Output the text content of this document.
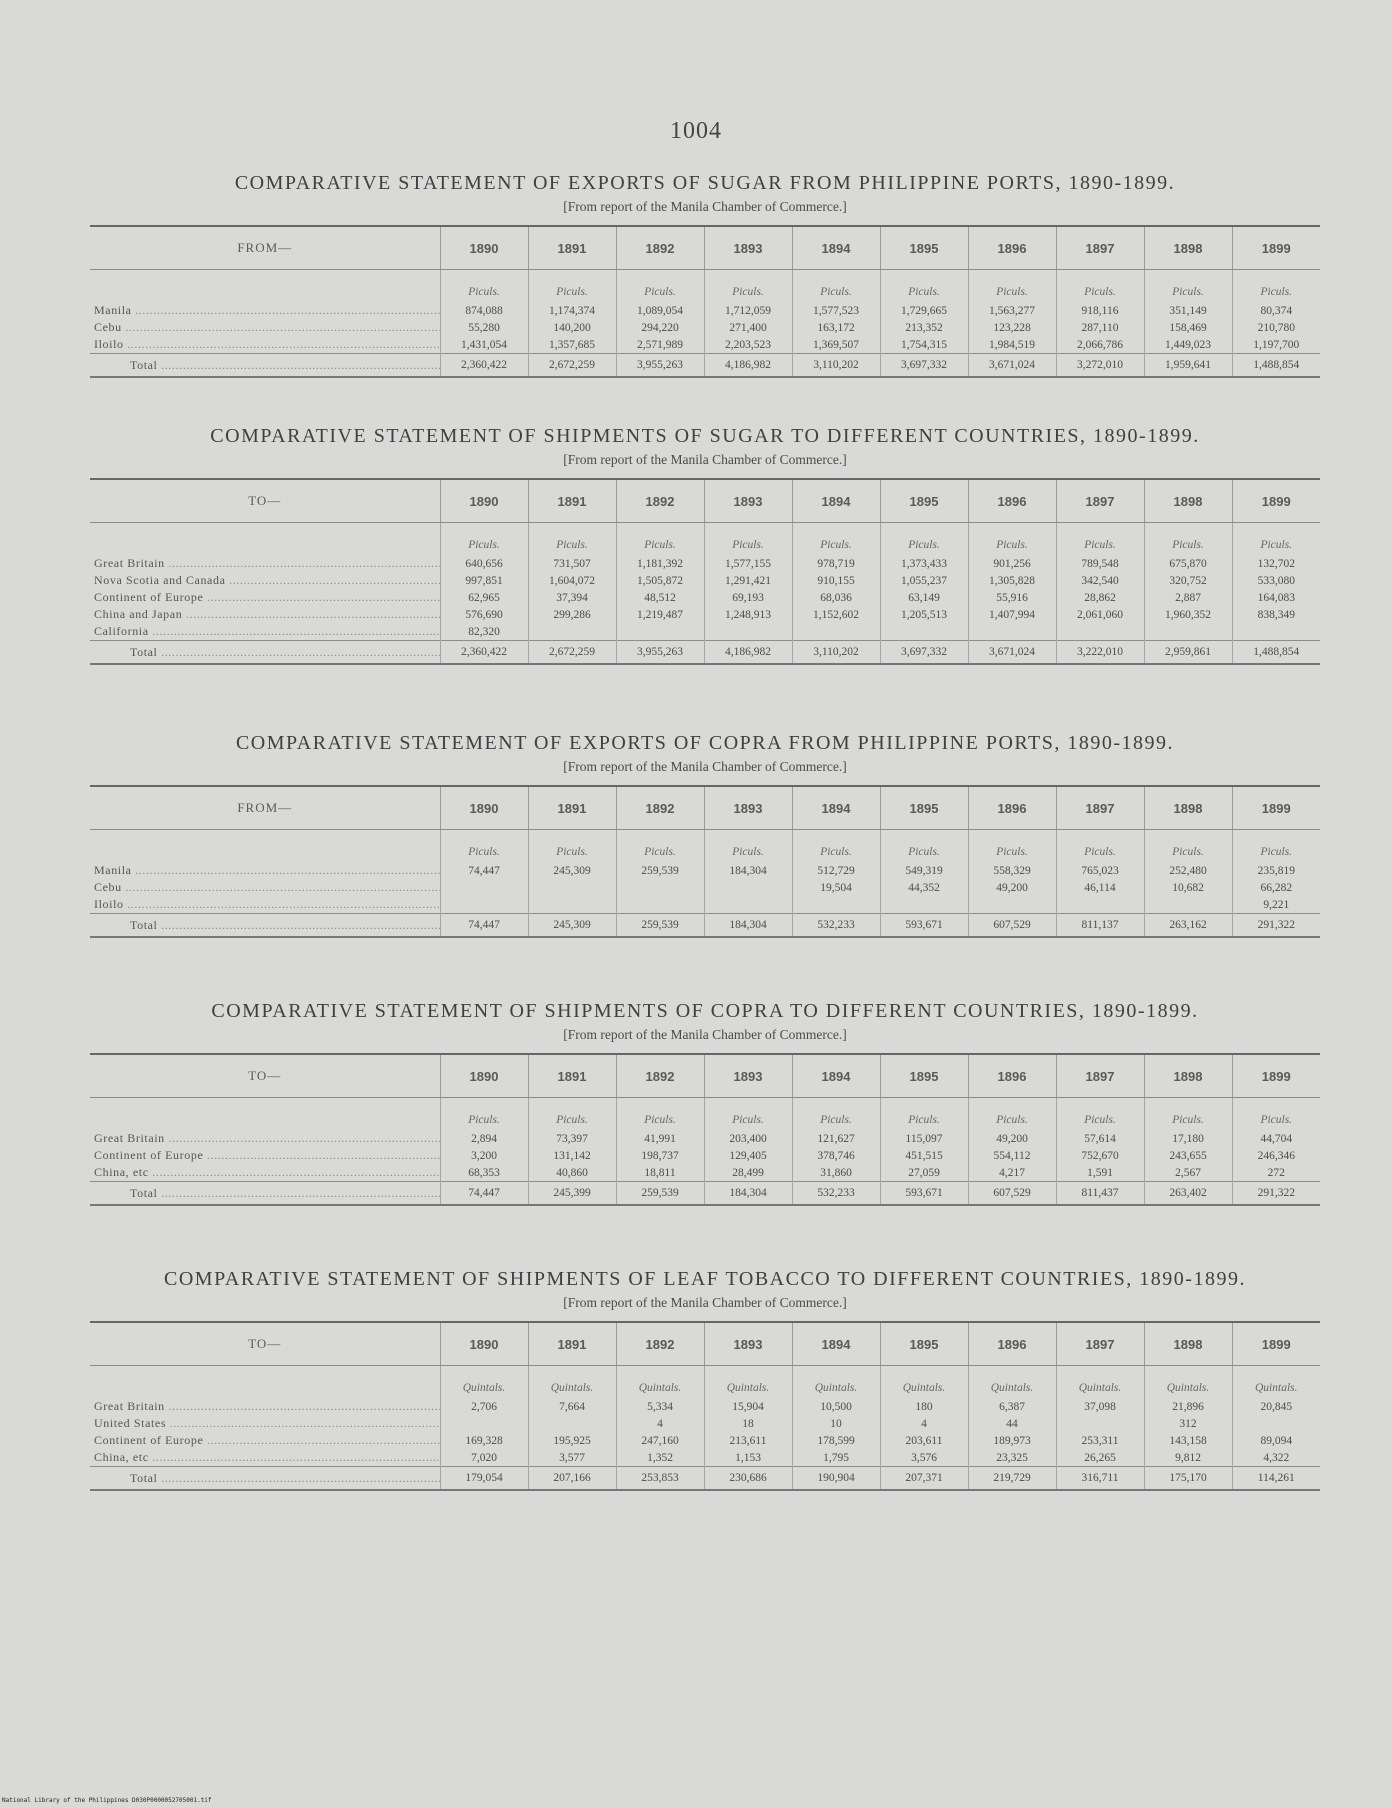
1004
COMPARATIVE STATEMENT OF EXPORTS OF SUGAR FROM PHILIPPINE PORTS, 1890-1899.
[From report of the Manila Chamber of Commerce.]
FROM—	1890	1891	1892	1893	1894	1895	1896	1897	1898	1899
	Piculs.	Piculs.	Piculs.	Piculs.	Piculs.	Piculs.	Piculs.	Piculs.	Piculs.	Piculs.
Manila .....	874,088	1,174,374	1,089,054	1,712,059	1,577,523	1,729,665	1,563,277	918,116	351,149	80,374
Cebu .....	55,280	140,200	294,220	271,400	163,172	213,352	123,228	287,110	158,469	210,780
Iloilo .....	1,431,054	1,357,685	2,571,989	2,203,523	1,369,507	1,754,315	1,984,519	2,066,786	1,449,023	1,197,700
Total .....	2,360,422	2,672,259	3,955,263	4,186,982	3,110,202	3,697,332	3,671,024	3,272,010	1,959,641	1,488,854
COMPARATIVE STATEMENT OF SHIPMENTS OF SUGAR TO DIFFERENT COUNTRIES, 1890-1899.
[From report of the Manila Chamber of Commerce.]
TO—	1890	1891	1892	1893	1894	1895	1896	1897	1898	1899
	Piculs.	Piculs.	Piculs.	Piculs.	Piculs.	Piculs.	Piculs.	Piculs.	Piculs.	Piculs.
Great Britain .....	640,656	731,507	1,181,392	1,577,155	978,719	1,373,433	901,256	789,548	675,870	132,702
Nova Scotia and Canada .....	997,851	1,604,072	1,505,872	1,291,421	910,155	1,055,237	1,305,828	342,540	320,752	533,080
Continent of Europe .....	62,965	37,394	48,512	69,193	68,036	63,149	55,916	28,862	2,887	164,083
China and Japan .....	576,690	299,286	1,219,487	1,248,913	1,152,602	1,205,513	1,407,994	2,061,060	1,960,352	838,349
California .....	82,320									
Total .....	2,360,422	2,672,259	3,955,263	4,186,982	3,110,202	3,697,332	3,671,024	3,222,010	2,959,861	1,488,854
COMPARATIVE STATEMENT OF EXPORTS OF COPRA FROM PHILIPPINE PORTS, 1890-1899.
[From report of the Manila Chamber of Commerce.]
FROM—	1890	1891	1892	1893	1894	1895	1896	1897	1898	1899
	Piculs.	Piculs.	Piculs.	Piculs.	Piculs.	Piculs.	Piculs.	Piculs.	Piculs.	Piculs.
Manila .....	74,447	245,309	259,539	184,304	512,729	549,319	558,329	765,023	252,480	235,819
Cebu .....					19,504	44,352	49,200	46,114	10,682	66,282
Iloilo .....										9,221
Total .....	74,447	245,309	259,539	184,304	532,233	593,671	607,529	811,137	263,162	291,322
COMPARATIVE STATEMENT OF SHIPMENTS OF COPRA TO DIFFERENT COUNTRIES, 1890-1899.
[From report of the Manila Chamber of Commerce.]
TO—	1890	1891	1892	1893	1894	1895	1896	1897	1898	1899
	Piculs.	Piculs.	Piculs.	Piculs.	Piculs.	Piculs.	Piculs.	Piculs.	Piculs.	Piculs.
Great Britain .....	2,894	73,397	41,991	203,400	121,627	115,097	49,200	57,614	17,180	44,704
Continent of Europe .....	3,200	131,142	198,737	129,405	378,746	451,515	554,112	752,670	243,655	246,346
China, etc .....	68,353	40,860	18,811	28,499	31,860	27,059	4,217	1,591	2,567	272
Total .....	74,447	245,399	259,539	184,304	532,233	593,671	607,529	811,437	263,402	291,322
COMPARATIVE STATEMENT OF SHIPMENTS OF LEAF TOBACCO TO DIFFERENT COUNTRIES, 1890-1899.
[From report of the Manila Chamber of Commerce.]
TO—	1890	1891	1892	1893	1894	1895	1896	1897	1898	1899
	Quintals.	Quintals.	Quintals.	Quintals.	Quintals.	Quintals.	Quintals.	Quintals.	Quintals.	Quintals.
Great Britain .....	2,706	7,664	5,334	15,904	10,500	180	6,387	37,098	21,896	20,845
United States .....			4	18	10	4	44		312	
Continent of Europe .....	169,328	195,925	247,160	213,611	178,599	203,611	189,973	253,311	143,158	89,094
China, etc .....	7,020	3,577	1,352	1,153	1,795	3,576	23,325	26,265	9,812	4,322
Total .....	179,054	207,166	253,853	230,686	190,904	207,371	219,729	316,711	175,170	114,261
National Library of the Philippines D030P0000052705001.tif
